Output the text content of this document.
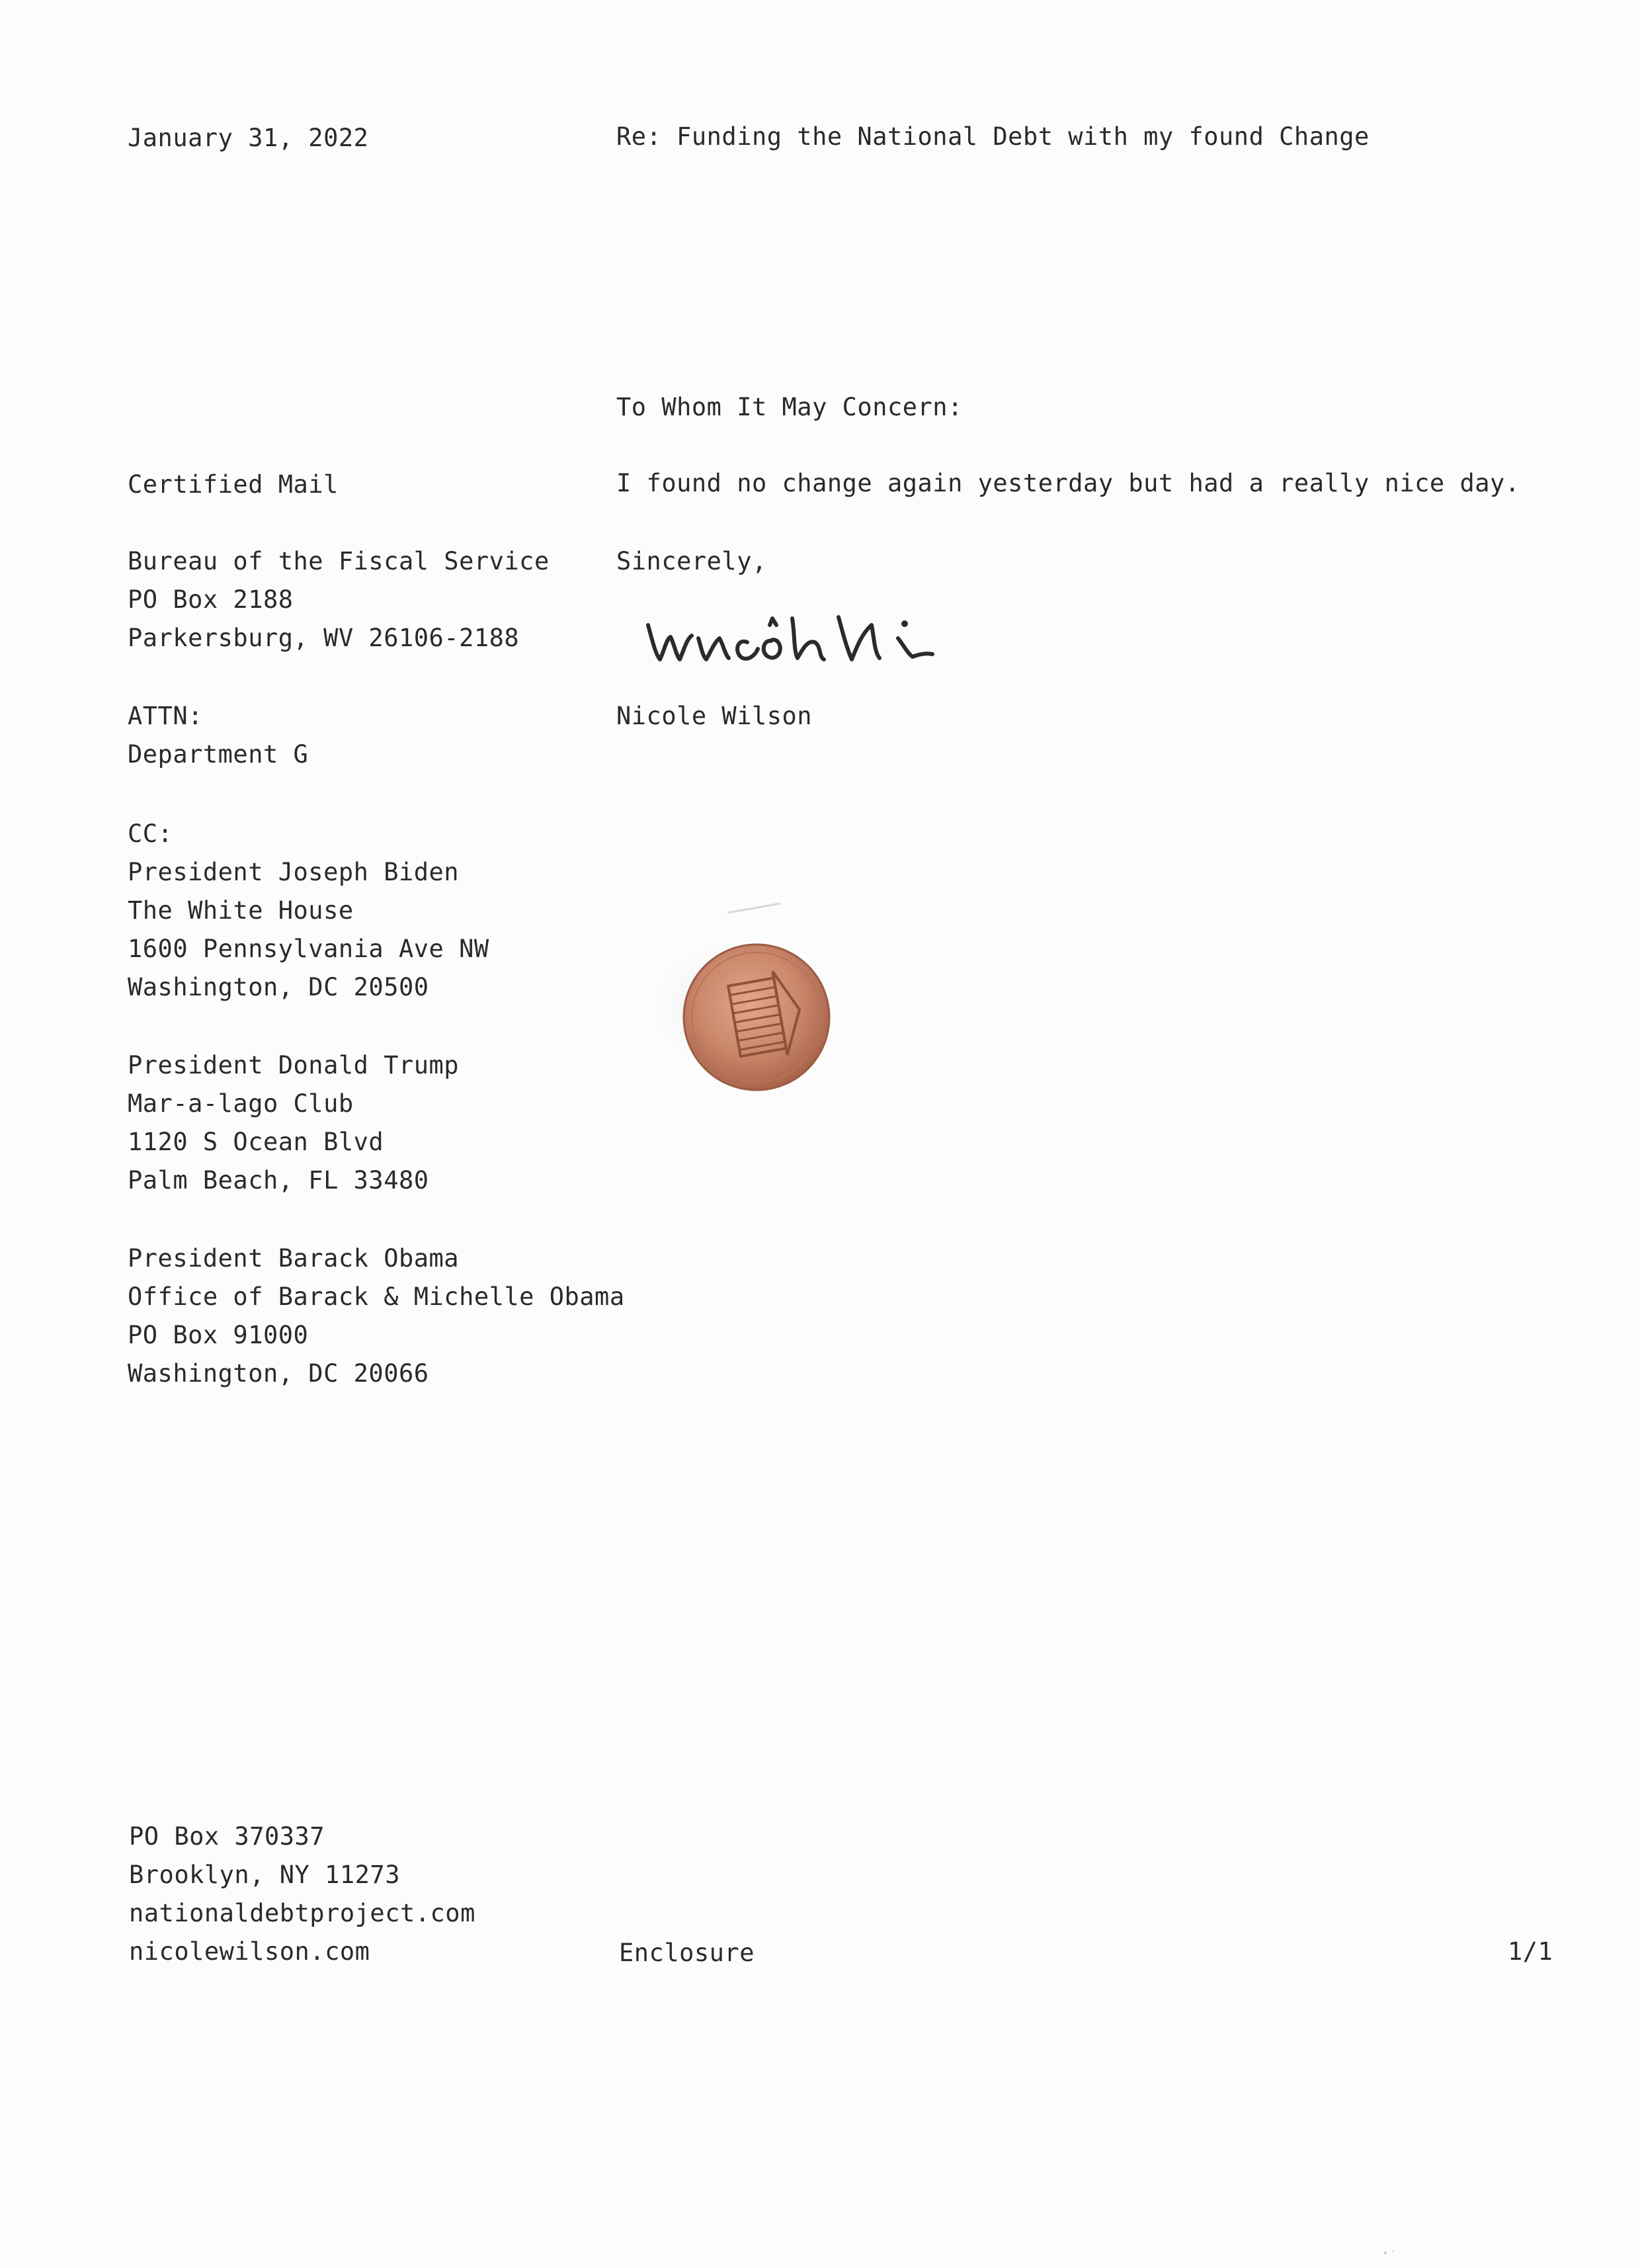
January 31, 2022	Re: Funding the National Debt with my found Change

To Whom It May Concern:

Certified Mail	I found no change again yesterday but had a really nice day.

Bureau of the Fiscal Service
PO Box 2188
Parkersburg, WV 26106-2188

Sincerely,

Nicole Wilson

ATTN:
Department G
CC:
President Joseph Biden
The White House
1600 Pennsylvania Ave NW
Washington, DC 20500
President Donald Trump
Mar-a-lago Club
1120 S Ocean Blvd
Palm Beach, FL 33480
President Barack Obama
Office of Barack & Michelle Obama
PO Box 91000
Washington, DC 20066
PO Box 370337
Brooklyn, NY 11273
nationaldebtproject.com
nicolewilson.com	Enclosure	1/1
